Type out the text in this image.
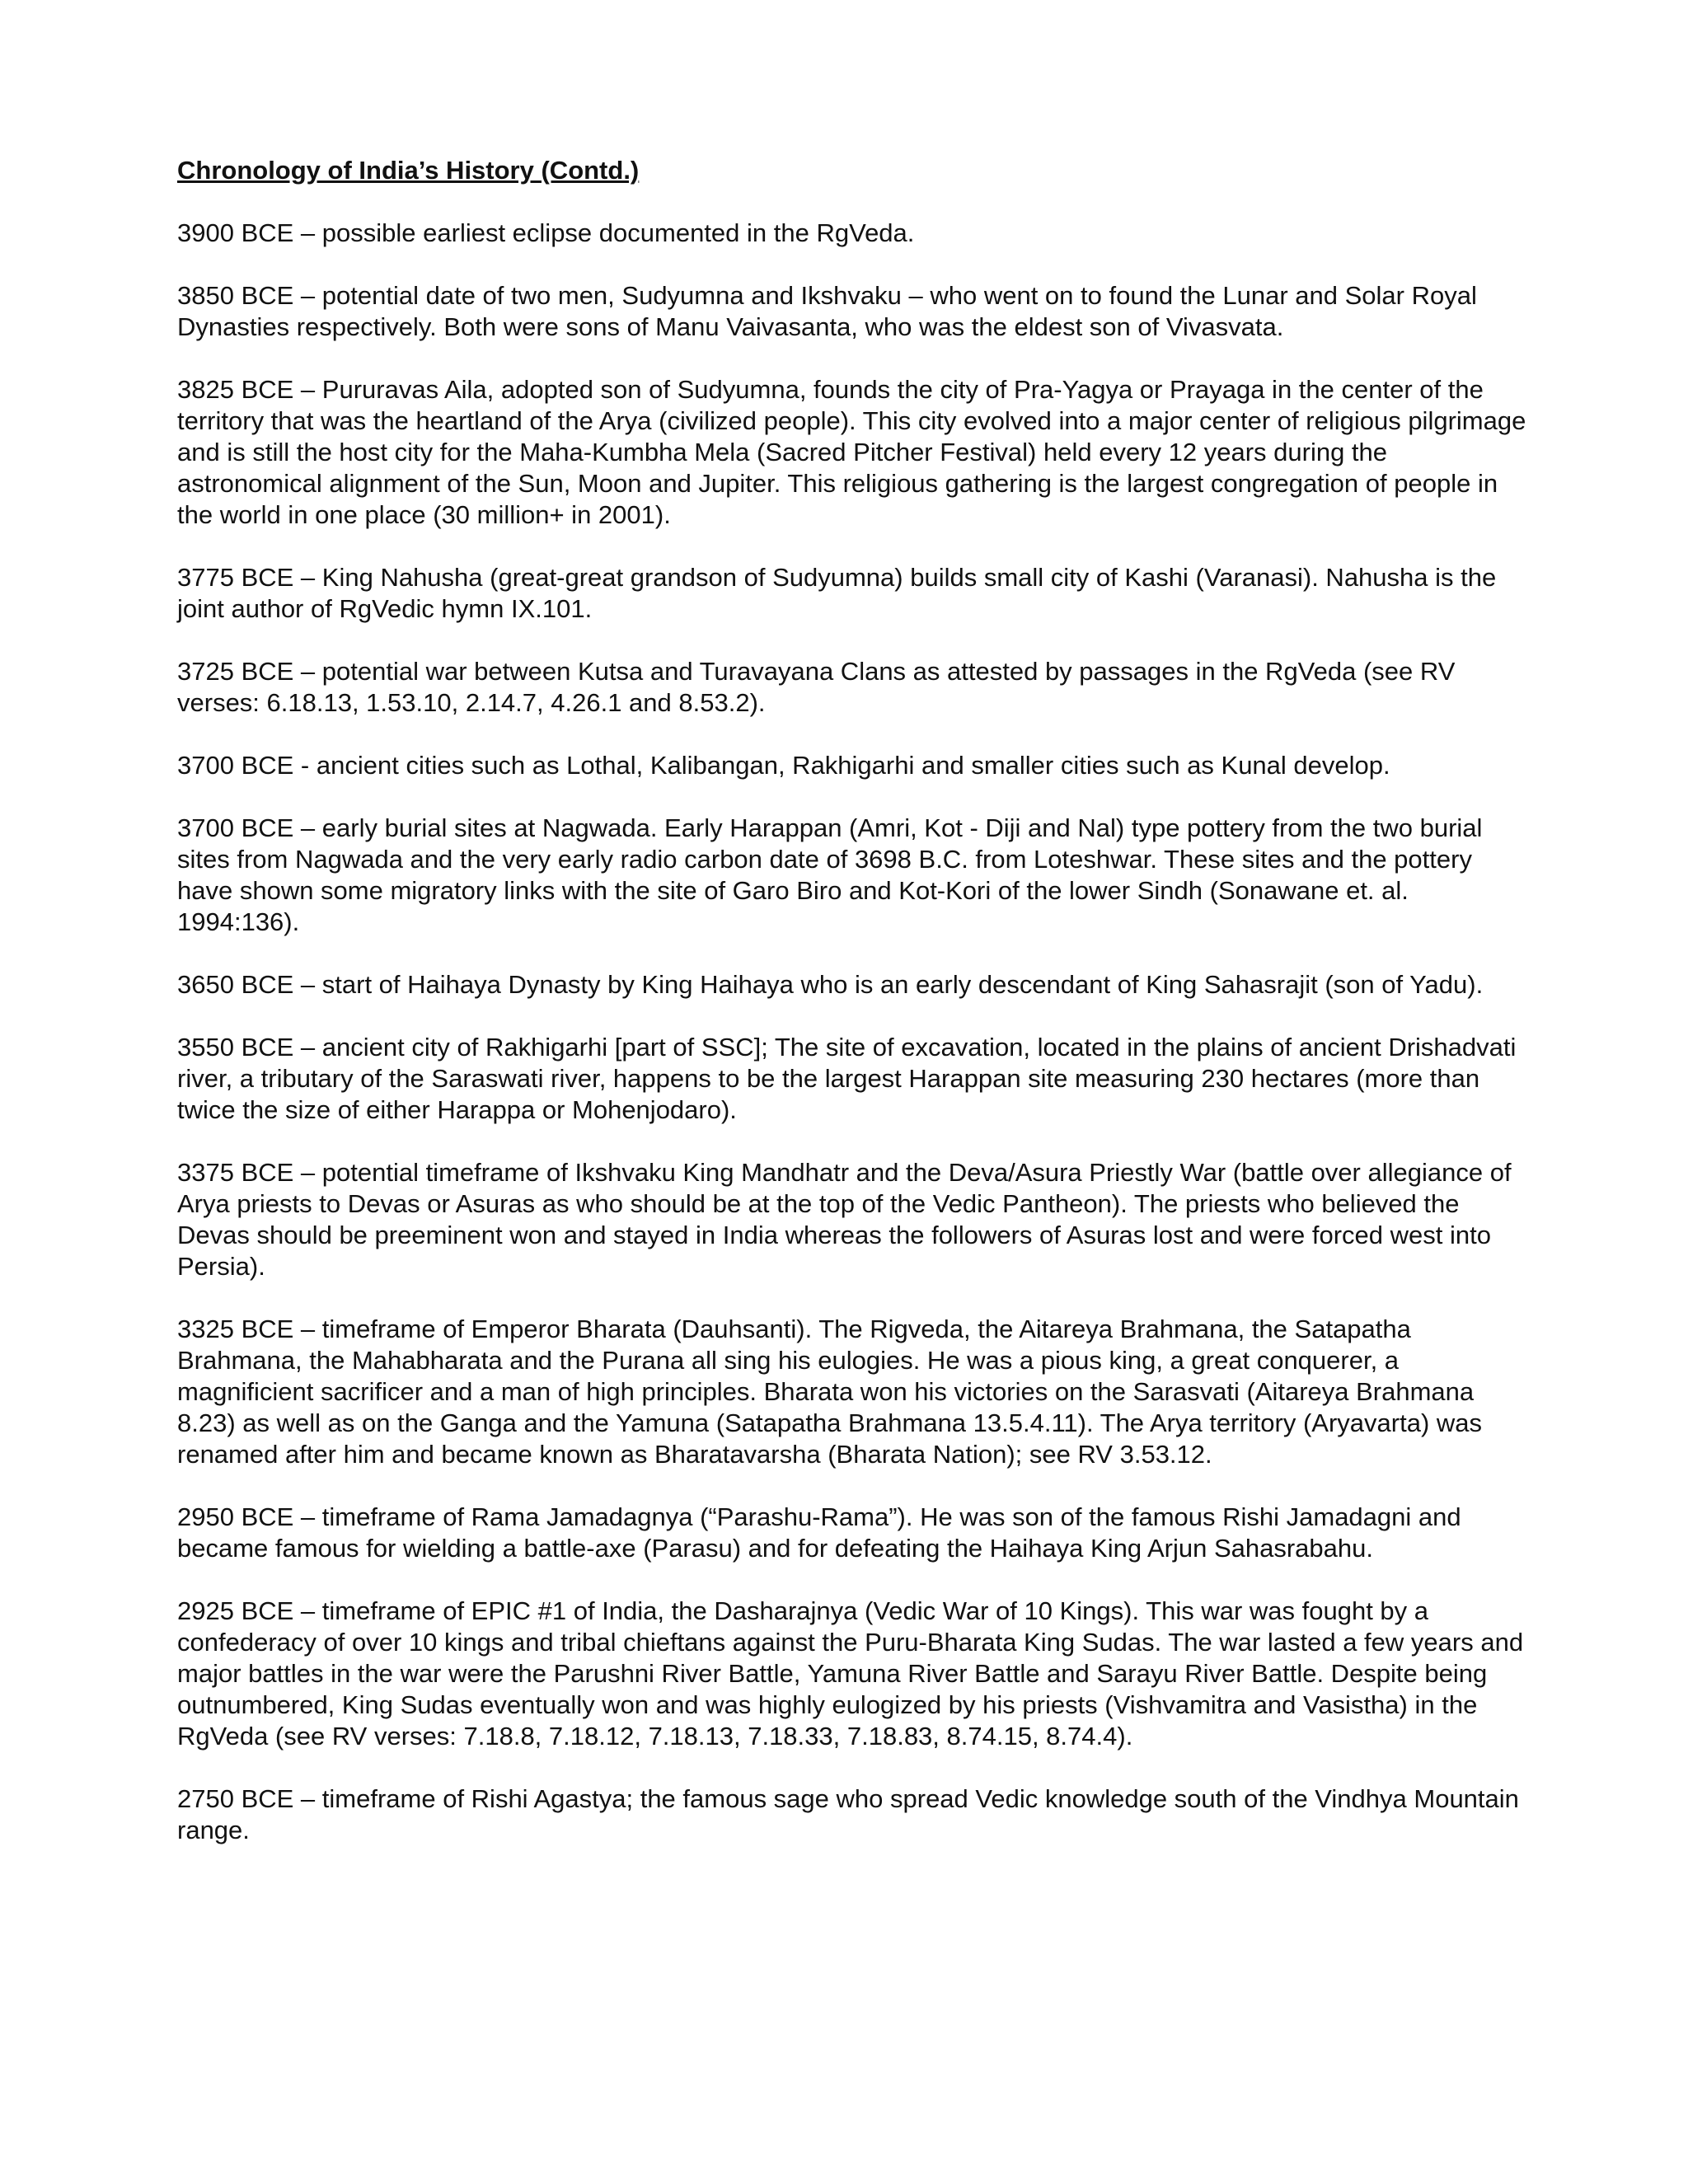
Chronology of India’s History (Contd.)
3900 BCE – possible earliest eclipse documented in the RgVeda.
3850 BCE – potential date of two men, Sudyumna and Ikshvaku – who went on to found the Lunar and Solar Royal Dynasties respectively. Both were sons of Manu Vaivasanta, who was the eldest son of Vivasvata.
3825 BCE – Pururavas Aila, adopted son of Sudyumna, founds the city of Pra-Yagya or Prayaga in the center of the territory that was the heartland of the Arya (civilized people). This city evolved into a major center of religious pilgrimage and is still the host city for the Maha-Kumbha Mela (Sacred Pitcher Festival) held every 12 years during the astronomical alignment of the Sun, Moon and Jupiter. This religious gathering is the largest congregation of people in the world in one place (30 million+ in 2001).
3775 BCE – King Nahusha (great-great grandson of Sudyumna) builds small city of Kashi (Varanasi). Nahusha is the joint author of RgVedic hymn IX.101.
3725 BCE – potential war between Kutsa and Turavayana Clans as attested by passages in the RgVeda (see RV verses: 6.18.13, 1.53.10, 2.14.7, 4.26.1 and 8.53.2).
3700 BCE - ancient cities such as Lothal, Kalibangan, Rakhigarhi and smaller cities such as Kunal develop.
3700 BCE – early burial sites at Nagwada. Early Harappan (Amri, Kot - Diji and Nal) type pottery from the two burial sites from Nagwada and the very early radio carbon date of 3698 B.C. from Loteshwar. These sites and the pottery have shown some migratory links with the site of Garo Biro and Kot-Kori of the lower Sindh (Sonawane et. al. 1994:136).
3650 BCE – start of Haihaya Dynasty by King Haihaya who is an early descendant of King Sahasrajit (son of Yadu).
3550 BCE – ancient city of Rakhigarhi [part of SSC]; The site of excavation, located in the plains of ancient Drishadvati river, a tributary of the Saraswati river, happens to be the largest Harappan site measuring 230 hectares (more than twice the size of either Harappa or Mohenjodaro).
3375 BCE – potential timeframe of Ikshvaku King Mandhatr and the Deva/Asura Priestly War (battle over allegiance of Arya priests to Devas or Asuras as who should be at the top of the Vedic Pantheon). The priests who believed the Devas should be preeminent won and stayed in India whereas the followers of Asuras lost and were forced west into Persia).
3325 BCE – timeframe of Emperor Bharata (Dauhsanti). The Rigveda, the Aitareya Brahmana, the Satapatha Brahmana, the Mahabharata and the Purana all sing his eulogies. He was a pious king, a great conquerer, a magnificient sacrificer and a man of high principles. Bharata won his victories on the Sarasvati (Aitareya Brahmana 8.23) as well as on the Ganga and the Yamuna (Satapatha Brahmana 13.5.4.11). The Arya territory (Aryavarta) was renamed after him and became known as Bharatavarsha (Bharata Nation); see RV 3.53.12.
2950 BCE – timeframe of Rama Jamadagnya (“Parashu-Rama”). He was son of the famous Rishi Jamadagni and became famous for wielding a battle-axe (Parasu) and for defeating the Haihaya King Arjun Sahasrabahu.
2925 BCE – timeframe of EPIC #1 of India, the Dasharajnya (Vedic War of 10 Kings). This war was fought by a confederacy of over 10 kings and tribal chieftans against the Puru-Bharata King Sudas. The war lasted a few years and major battles in the war were the Parushni River Battle, Yamuna River Battle and Sarayu River Battle. Despite being outnumbered, King Sudas eventually won and was highly eulogized by his priests (Vishvamitra and Vasistha) in the RgVeda (see RV verses: 7.18.8, 7.18.12, 7.18.13, 7.18.33, 7.18.83, 8.74.15, 8.74.4).
2750 BCE – timeframe of Rishi Agastya; the famous sage who spread Vedic knowledge south of the Vindhya Mountain range.
